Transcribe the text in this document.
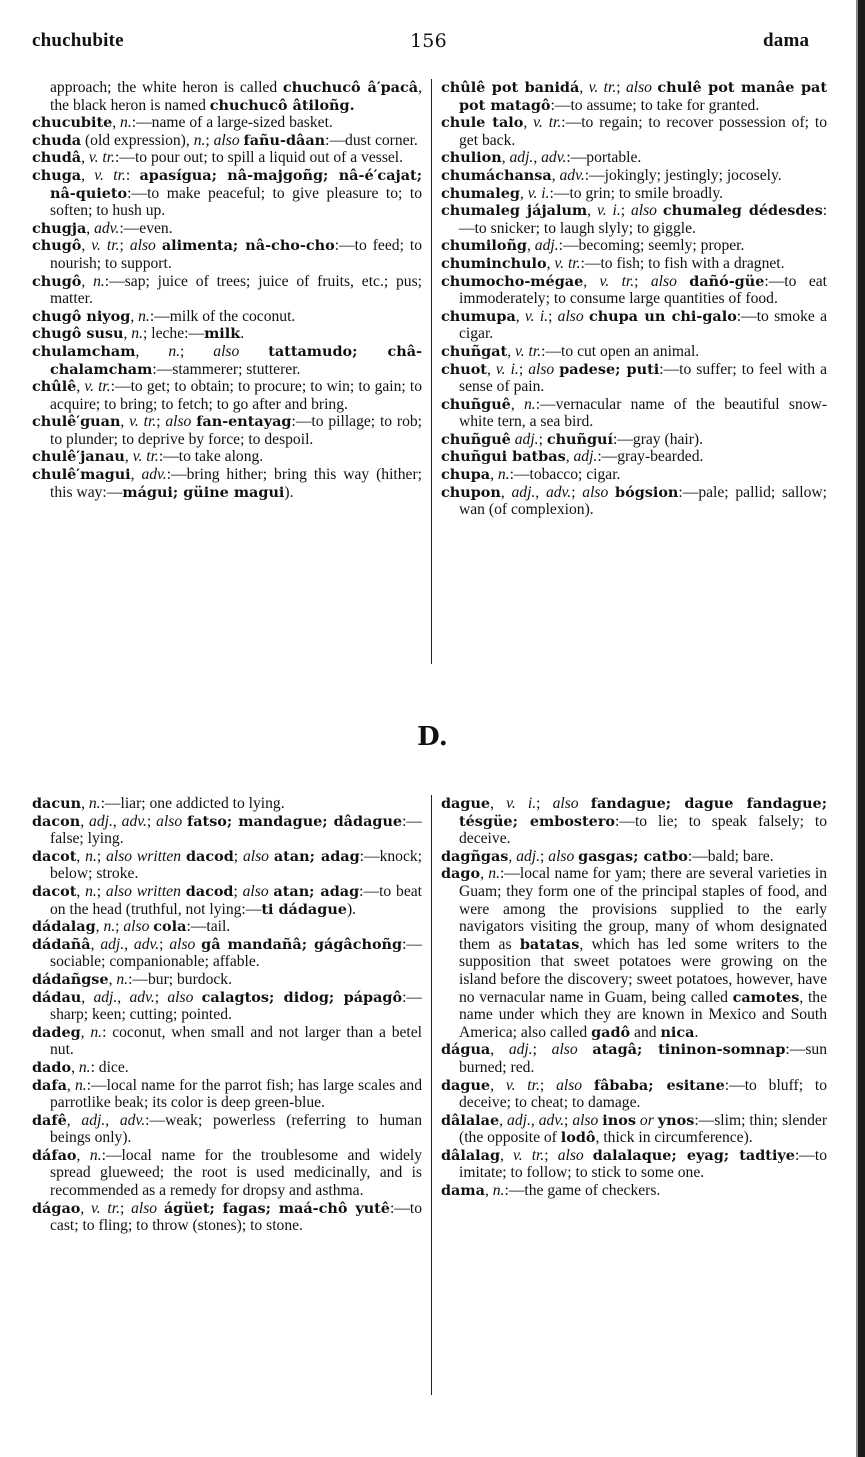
chuchubite	156	dama

approach; the white heron is called chuchucô â′pacâ, the black heron is named chuchucô âtiloñg.

chucubite, n.:—name of a large-sized basket.

chuda (old expression), n.; also fañu-dâan:—dust corner.

chudâ, v. tr.:—to pour out; to spill a liquid out of a vessel.

chuga, v. tr.: apasígua; nâ-majgoñg; nâ-é′cajat; nâ-quieto:—to make peaceful; to give pleasure to; to soften; to hush up.

chugja, adv.:—even.

chugô, v. tr.; also alimenta; nâ-cho-cho:—to feed; to nourish; to support.

chugô, n.:—sap; juice of trees; juice of fruits, etc.; pus; matter.

chugô niyog, n.:—milk of the coconut.

chugô susu, n.; leche:—milk.

chulamcham, n.; also tattamudo; châ-chalamcham:—stammerer; stutterer.

chûlê, v. tr.:—to get; to obtain; to procure; to win; to gain; to acquire; to bring; to fetch; to go after and bring.

chulê′guan, v. tr.; also fan-entayag:—to pillage; to rob; to plunder; to deprive by force; to despoil.

chulê′janau, v. tr.:—to take along.

chulê′magui, adv.:—bring hither; bring this way (hither; this way:—mágui; güine magui).

chûlê pot banidá, v. tr.; also chulê pot manâe pat pot matagô:—to assume; to take for granted.

chule talo, v. tr.:—to regain; to recover possession of; to get back.

chulion, adj., adv.:—portable.

chumáchansa, adv.:—jokingly; jestingly; jocosely.

chumaleg, v. i.:—to grin; to smile broadly.

chumaleg jájalum, v. i.; also chumaleg dédesdes:—to snicker; to laugh slyly; to giggle.

chumiloñg, adj.:—becoming; seemly; proper.

chuminchulo, v. tr.:—to fish; to fish with a dragnet.

chumocho-mégae, v. tr.; also dañó-güe:—to eat immoderately; to consume large quantities of food.

chumupa, v. i.; also chupa un chi-galo:—to smoke a cigar.

chuñgat, v. tr.:—to cut open an animal.

chuot, v. i.; also padese; puti:—to suffer; to feel with a sense of pain.

chuñguê, n.:—vernacular name of the beautiful snow-white tern, a sea bird.

chuñguê adj.; chuñguí:—gray (hair).

chuñgui batbas, adj.:—gray-bearded.

chupa, n.:—tobacco; cigar.

chupon, adj., adv.; also bógsion:—pale; pallid; sallow; wan (of complexion).

D.

dacun, n.:—liar; one addicted to lying.

dacon, adj., adv.; also fatso; mandague; dâdague:—false; lying.

dacot, n.; also written dacod; also atan; adag:—knock; below; stroke.

dacot, n.; also written dacod; also atan; adag:—to beat on the head (truthful, not lying:—ti dádague).

dádalag, n.; also cola:—tail.

dádañâ, adj., adv.; also gâ mandañâ; gágâchoñg:—sociable; companionable; affable.

dádañgse, n.:—bur; burdock.

dádau, adj., adv.; also calagtos; didog; pápagô:—sharp; keen; cutting; pointed.

dadeg, n.: coconut, when small and not larger than a betel nut.

dado, n.: dice.

dafa, n.:—local name for the parrot fish; has large scales and parrotlike beak; its color is deep green-blue.

dafê, adj., adv.:—weak; powerless (referring to human beings only).

dáfao, n.:—local name for the troublesome and widely spread glueweed; the root is used medicinally, and is recommended as a remedy for dropsy and asthma.

dágao, v. tr.; also ágüet; fagas; maá-chô yutê:—to cast; to fling; to throw (stones); to stone.

dague, v. i.; also fandague; dague fandague; tésgüe; embostero:—to lie; to speak falsely; to deceive.

dagñgas, adj.; also gasgas; catbo:—bald; bare.

dago, n.:—local name for yam; there are several varieties in Guam; they form one of the principal staples of food, and were among the provisions supplied to the early navigators visiting the group, many of whom designated them as batatas, which has led some writers to the supposition that sweet potatoes were growing on the island before the discovery; sweet potatoes, however, have no vernacular name in Guam, being called camotes, the name under which they are known in Mexico and South America; also called gadô and nica.

dágua, adj.; also atagâ; tininon-somnap:—sun burned; red.

dague, v. tr.; also fâbaba; esitane:—to bluff; to deceive; to cheat; to damage.

dâlalae, adj., adv.; also inos or ynos:—slim; thin; slender (the opposite of lodô, thick in circumference).

dâlalag, v. tr.; also dalalaque; eyag; tadtiye:—to imitate; to follow; to stick to some one.

dama, n.:—the game of checkers.
